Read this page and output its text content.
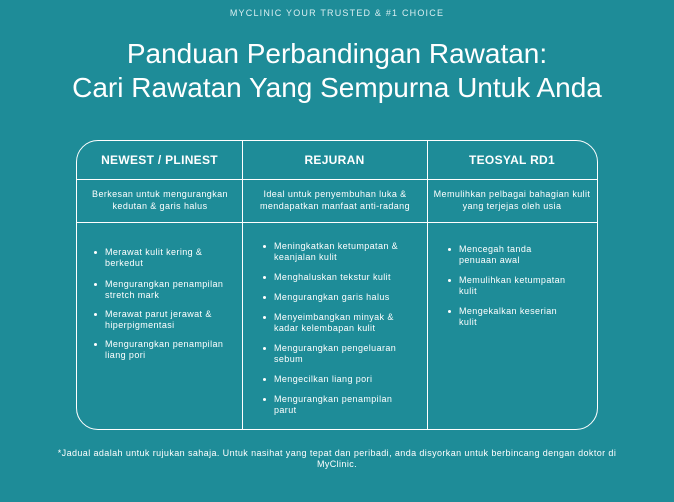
MYCLINIC YOUR TRUSTED & #1 CHOICE
Panduan Perbandingan Rawatan:
Cari Rawatan Yang Sempurna Untuk Anda
NEWEST / PLINEST	REJURAN	TEOSYAL RD1
Berkesan untuk mengurangkan kedutan & garis halus
Ideal untuk penyembuhan luka & mendapatkan manfaat anti-radang
Memulihkan pelbagai bahagian kulit yang terjejas oleh usia
Merawat kulit kering & berkedut
Mengurangkan penampilan stretch mark
Merawat parut jerawat & hiperpigmentasi
Mengurangkan penampilan liang pori
Meningkatkan ketumpatan & keanjalan kulit
Menghaluskan tekstur kulit
Mengurangkan garis halus
Menyeimbangkan minyak & kadar kelembapan kulit
Mengurangkan pengeluaran sebum
Mengecilkan liang pori
Mengurangkan penampilan parut
Mencegah tanda penuaan awal
Memulihkan ketumpatan kulit
Mengekalkan keserian kulit
*Jadual adalah untuk rujukan sahaja. Untuk nasihat yang tepat dan peribadi, anda disyorkan untuk berbincang dengan doktor di MyClinic.
